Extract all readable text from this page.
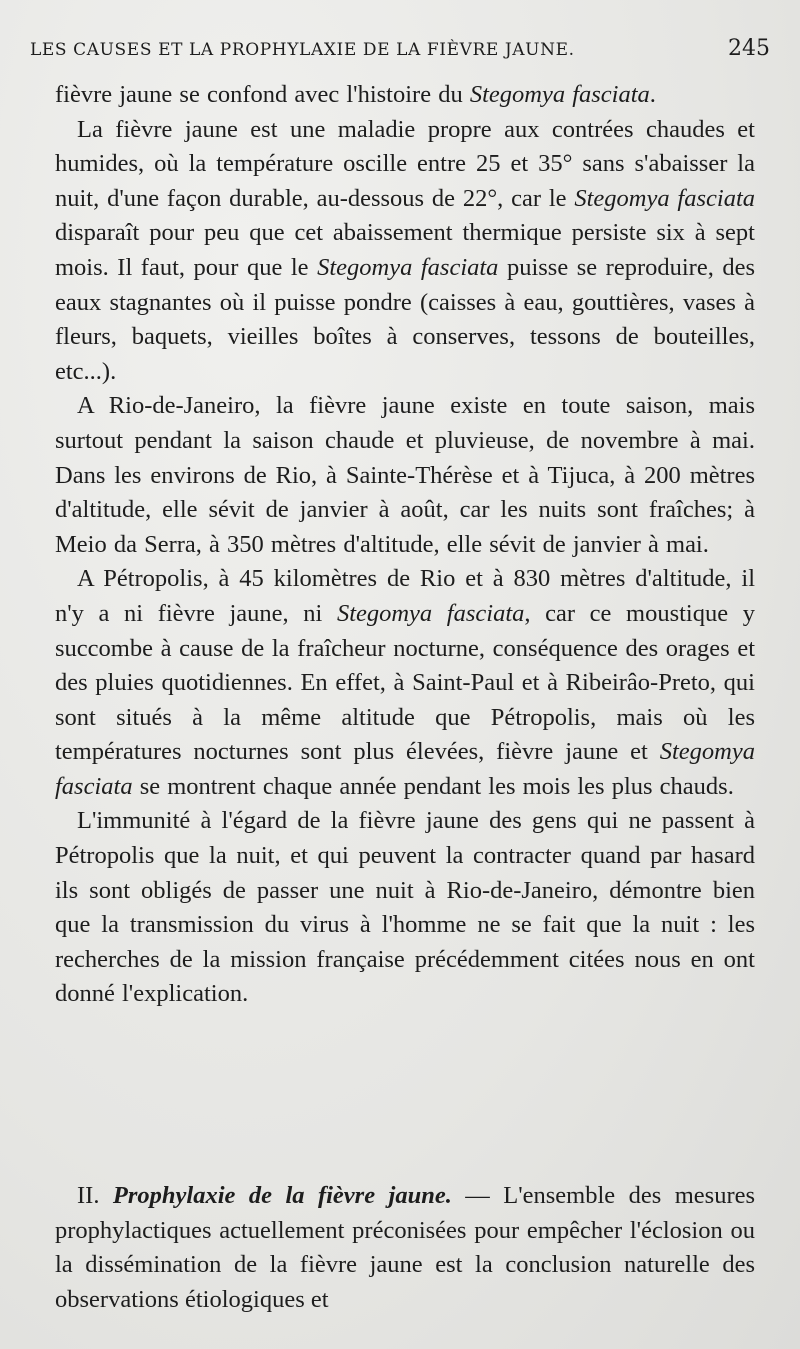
LES CAUSES ET LA PROPHYLAXIE DE LA FIÈVRE JAUNE.	245

fièvre jaune se confond avec l'histoire du Stegomya fasciata.

La fièvre jaune est une maladie propre aux contrées chaudes et humides, où la température oscille entre 25 et 35° sans s'abaisser la nuit, d'une façon durable, au-dessous de 22°, car le Stegomya fasciata disparaît pour peu que cet abaissement thermique persiste six à sept mois. Il faut, pour que le Stegomya fasciata puisse se reproduire, des eaux stagnantes où il puisse pondre (caisses à eau, gouttières, vases à fleurs, baquets, vieilles boîtes à conserves, tessons de bouteilles, etc...).

A Rio-de-Janeiro, la fièvre jaune existe en toute saison, mais surtout pendant la saison chaude et pluvieuse, de novembre à mai. Dans les environs de Rio, à Sainte-Thérèse et à Tijuca, à 200 mètres d'altitude, elle sévit de janvier à août, car les nuits sont fraîches; à Meio da Serra, à 350 mètres d'altitude, elle sévit de janvier à mai.

A Pétropolis, à 45 kilomètres de Rio et à 830 mètres d'altitude, il n'y a ni fièvre jaune, ni Stegomya fasciata, car ce moustique y succombe à cause de la fraîcheur nocturne, conséquence des orages et des pluies quotidiennes. En effet, à Saint-Paul et à Ribeirâo-Preto, qui sont situés à la même altitude que Pétropolis, mais où les températures nocturnes sont plus élevées, fièvre jaune et Stegomya fasciata se montrent chaque année pendant les mois les plus chauds.

L'immunité à l'égard de la fièvre jaune des gens qui ne passent à Pétropolis que la nuit, et qui peuvent la contracter quand par hasard ils sont obligés de passer une nuit à Rio-de-Janeiro, démontre bien que la transmission du virus à l'homme ne se fait que la nuit : les recherches de la mission française précédemment citées nous en ont donné l'explication.

II. Prophylaxie de la fièvre jaune. — L'ensemble des mesures prophylactiques actuellement préconisées pour empêcher l'éclosion ou la dissémination de la fièvre jaune est la conclusion naturelle des observations étiologiques et
